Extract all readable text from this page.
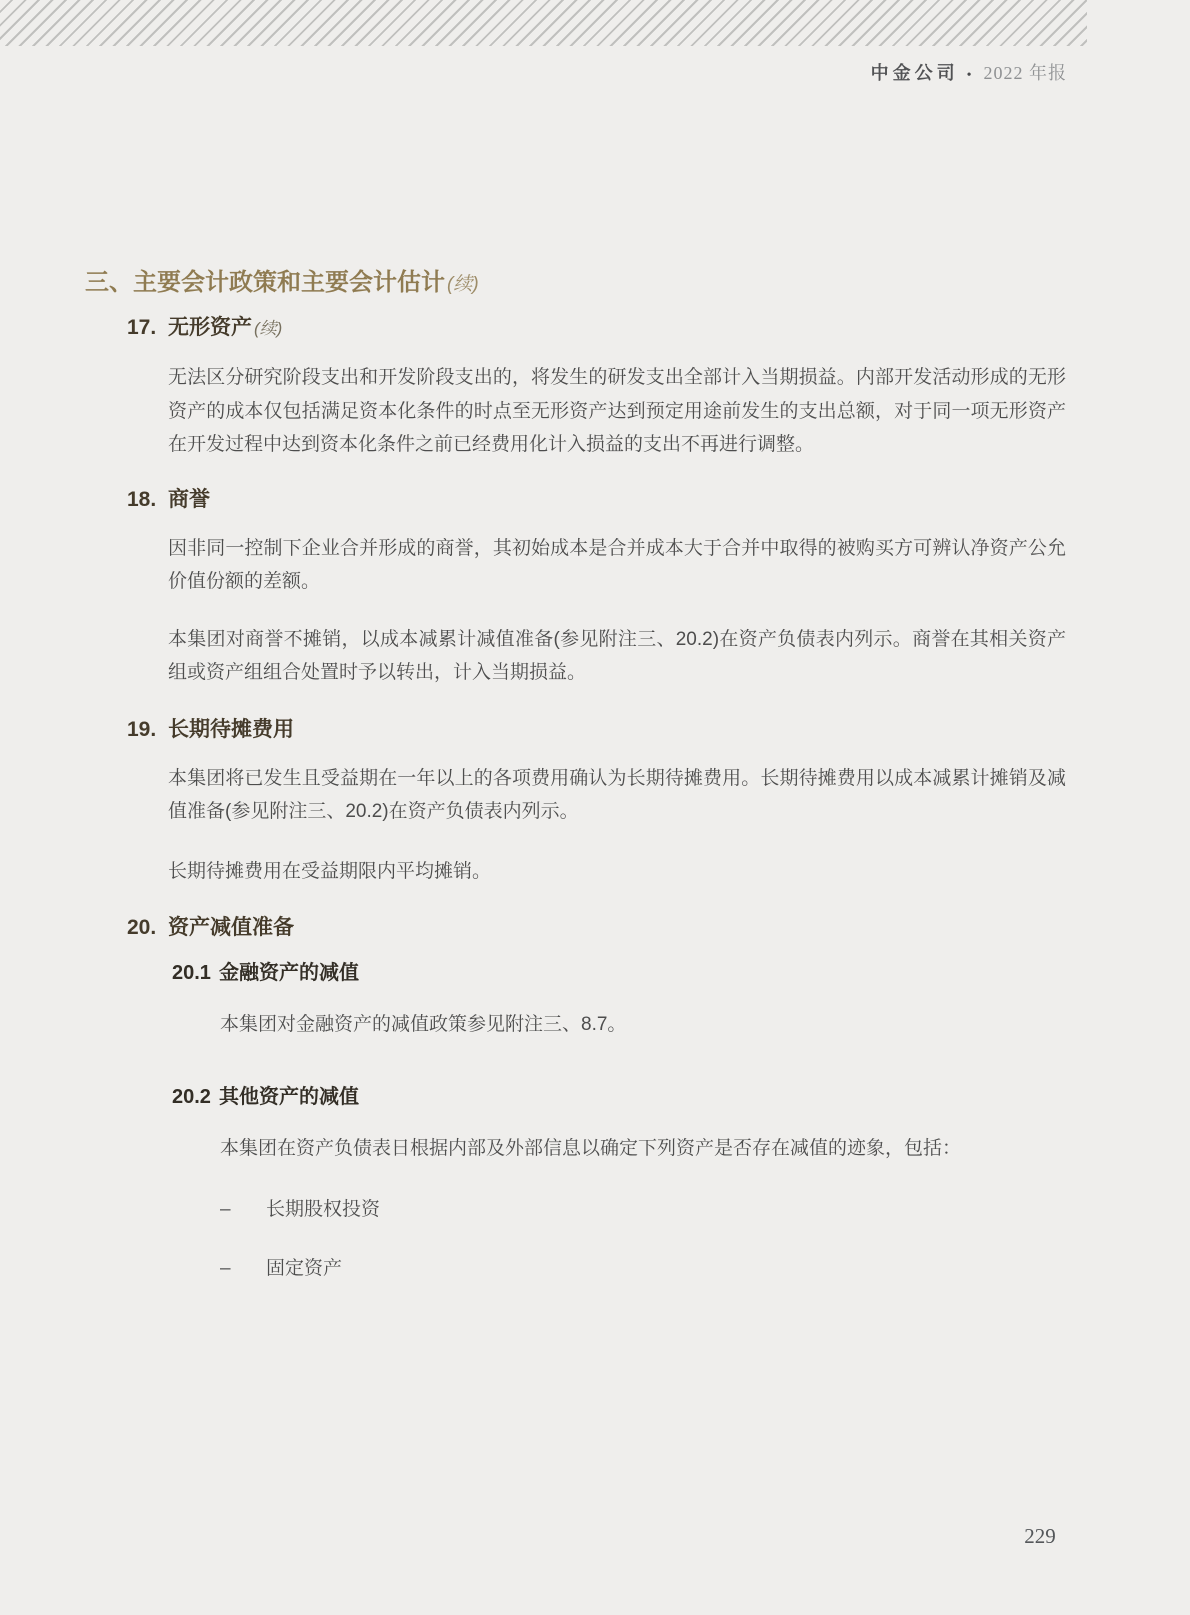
中金公司 • 2022 年报
三、主要会计政策和主要会计估计 (续)
17. 无形资产 (续)

无法区分研究阶段支出和开发阶段支出的，将发生的研发支出全部计入当期损益。内部开发活动形成的无形资产的成本仅包括满足资本化条件的时点至无形资产达到预定用途前发生的支出总额，对于同一项无形资产在开发过程中达到资本化条件之前已经费用化计入损益的支出不再进行调整。

18. 商誉

因非同一控制下企业合并形成的商誉，其初始成本是合并成本大于合并中取得的被购买方可辨认净资产公允价值份额的差额。

本集团对商誉不摊销，以成本减累计减值准备(参见附注三、20.2)在资产负债表内列示。商誉在其相关资产组或资产组组合处置时予以转出，计入当期损益。

19. 长期待摊费用

本集团将已发生且受益期在一年以上的各项费用确认为长期待摊费用。长期待摊费用以成本减累计摊销及减值准备(参见附注三、20.2)在资产负债表内列示。

长期待摊费用在受益期限内平均摊销。

20. 资产减值准备
20.1 金融资产的减值

本集团对金融资产的减值政策参见附注三、8.7。

20.2 其他资产的减值

本集团在资产负债表日根据内部及外部信息以确定下列资产是否存在减值的迹象，包括：

– 长期股权投资
– 固定资产
229
